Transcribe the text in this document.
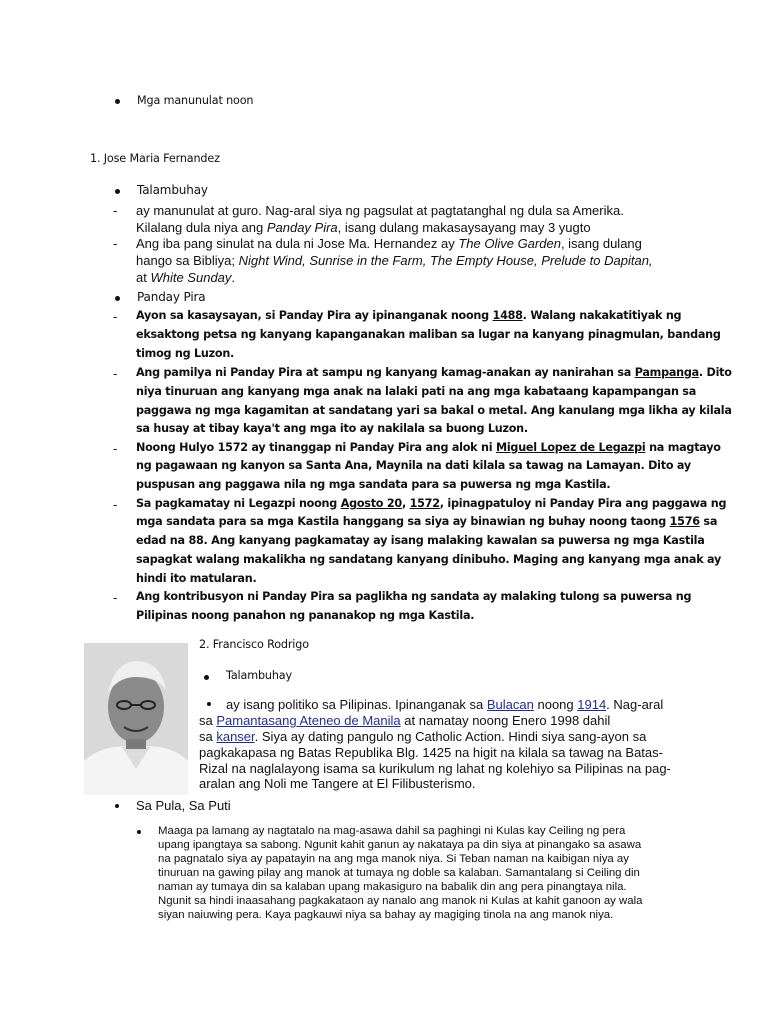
Mga manunulat noon
1. Jose Maria Fernandez
Talambuhay
- ay manunulat at guro. Nag-aral siya ng pagsulat at pagtatanghal ng dula sa Amerika.
Kilalang dula niya ang Panday Pira, isang dulang makasaysayang may 3 yugto
- Ang iba pang sinulat na dula ni Jose Ma. Hernandez ay The Olive Garden, isang dulang
hango sa Bibliya; Night Wind, Sunrise in the Farm, The Empty House, Prelude to Dapitan,
at White Sunday.
Panday Pira
- Ayon sa kasaysayan, si Panday Pira ay ipinanganak noong 1488. Walang nakakatitiyak ng
eksaktong petsa ng kanyang kapanganakan maliban sa lugar na kanyang pinagmulan, bandang
timog ng Luzon.
- Ang pamilya ni Panday Pira at sampu ng kanyang kamag-anakan ay nanirahan sa Pampanga. Dito
niya tinuruan ang kanyang mga anak na lalaki pati na ang mga kabataang kapampangan sa
paggawa ng mga kagamitan at sandatang yari sa bakal o metal. Ang kanulang mga likha ay kilala
sa husay at tibay kaya't ang mga ito ay nakilala sa buong Luzon.
- Noong Hulyo 1572 ay tinanggap ni Panday Pira ang alok ni Miguel Lopez de Legazpi na magtayo
ng pagawaan ng kanyon sa Santa Ana, Maynila na dati kilala sa tawag na Lamayan. Dito ay
puspusan ang paggawa nila ng mga sandata para sa puwersa ng mga Kastila.
- Sa pagkamatay ni Legazpi noong Agosto 20, 1572, ipinagpatuloy ni Panday Pira ang paggawa ng
mga sandata para sa mga Kastila hanggang sa siya ay binawian ng buhay noong taong 1576 sa
edad na 88. Ang kanyang pagkamatay ay isang malaking kawalan sa puwersa ng mga Kastila
sapagkat walang makalikha ng sandatang kanyang dinibuho. Maging ang kanyang mga anak ay
hindi ito matularan.
- Ang kontribusyon ni Panday Pira sa paglikha ng sandata ay malaking tulong sa puwersa ng
Pilipinas noong panahon ng pananakop ng mga Kastila.
2. Francisco Rodrigo
Talambuhay
ay isang politiko sa Pilipinas. Ipinanganak sa Bulacan noong 1914. Nag-aral
sa Pamantasang Ateneo de Manila at namatay noong Enero 1998 dahil
sa kanser. Siya ay dating pangulo ng Catholic Action. Hindi siya sang-ayon sa
pagkakapasa ng Batas Republika Blg. 1425 na higit na kilala sa tawag na Batas-
Rizal na naglalayong isama sa kurikulum ng lahat ng kolehiyo sa Pilipinas na pag-
aralan ang Noli me Tangere at El Filibusterismo.
Sa Pula, Sa Puti
Maaga pa lamang ay nagtatalo na mag-asawa dahil sa paghingi ni Kulas kay Ceiling ng pera
upang ipangtaya sa sabong. Ngunit kahit ganun ay nakataya pa din siya at pinangako sa asawa
na pagnatalo siya ay papatayin na ang mga manok niya. Si Teban naman na kaibigan niya ay
tinuruan na gawing pilay ang manok at tumaya ng doble sa kalaban. Samantalang si Ceiling din
naman ay tumaya din sa kalaban upang makasiguro na babalik din ang pera pinangtaya nila.
Ngunit sa hindi inaasahang pagkakataon ay nanalo ang manok ni Kulas at kahit ganoon ay wala
siyan naiuwing pera. Kaya pagkauwi niya sa bahay ay magiging tinola na ang manok niya.
